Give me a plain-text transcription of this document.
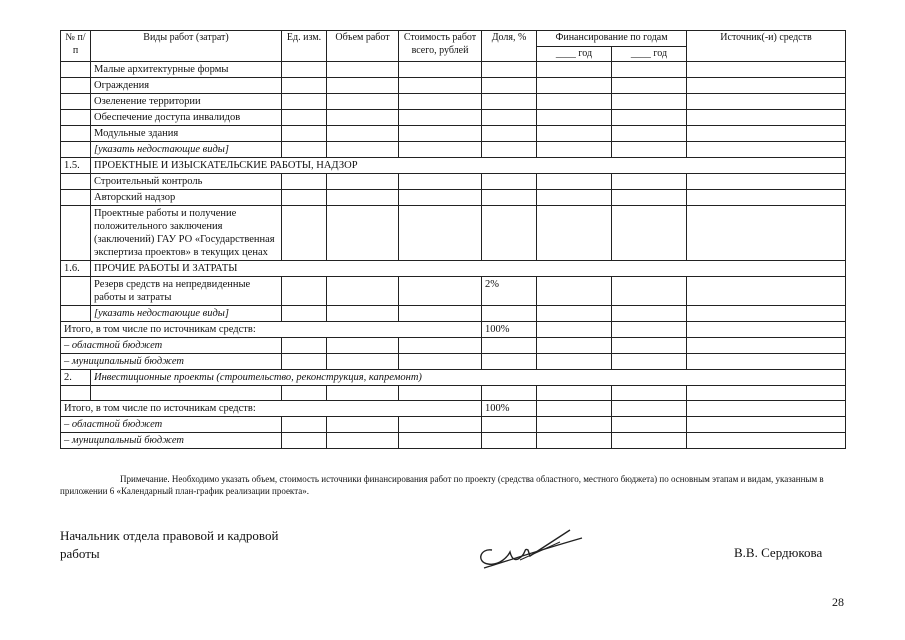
№ п/п	Виды работ (затрат)	Ед. изм.	Объем работ	Стоимость работ всего, рублей	Доля, %	Финансирование по годам		Источник(-и) средств
						____ год	____ год	
	Малые архитектурные формы							
	Ограждения							
	Озеленение территории							
	Обеспечение доступа инвалидов							
	Модульные здания							
	[указать недостающие виды]							
1.5.	ПРОЕКТНЫЕ И ИЗЫСКАТЕЛЬСКИЕ РАБОТЫ, НАДЗОР							
	Строительный контроль							
	Авторский надзор							
	Проектные работы и получение положительного заключения (заключений) ГАУ РО «Государственная экспертиза проектов» в текущих ценах							
1.6.	ПРОЧИЕ РАБОТЫ И ЗАТРАТЫ							
	Резерв средств на непредвиденные работы и затраты				2%			
	[указать недостающие виды]							
Итого, в том числе по источникам средств:					100%			
– областной бюджет								
– муниципальный бюджет								
2.	Инвестиционные проекты (строительство, реконструкция, капремонт)							

Итого, в том числе по источникам средств:					100%			
– областной бюджет								
– муниципальный бюджет								
Примечание. Необходимо указать объем, стоимость источники финансирования работ по проекту (средства областного, местного бюджета) по основным этапам и видам, указанным в приложении 6 «Календарный план-график реализации проекта».
Начальник отдела правовой и кадровой работы	В.В. Сердюкова
28
